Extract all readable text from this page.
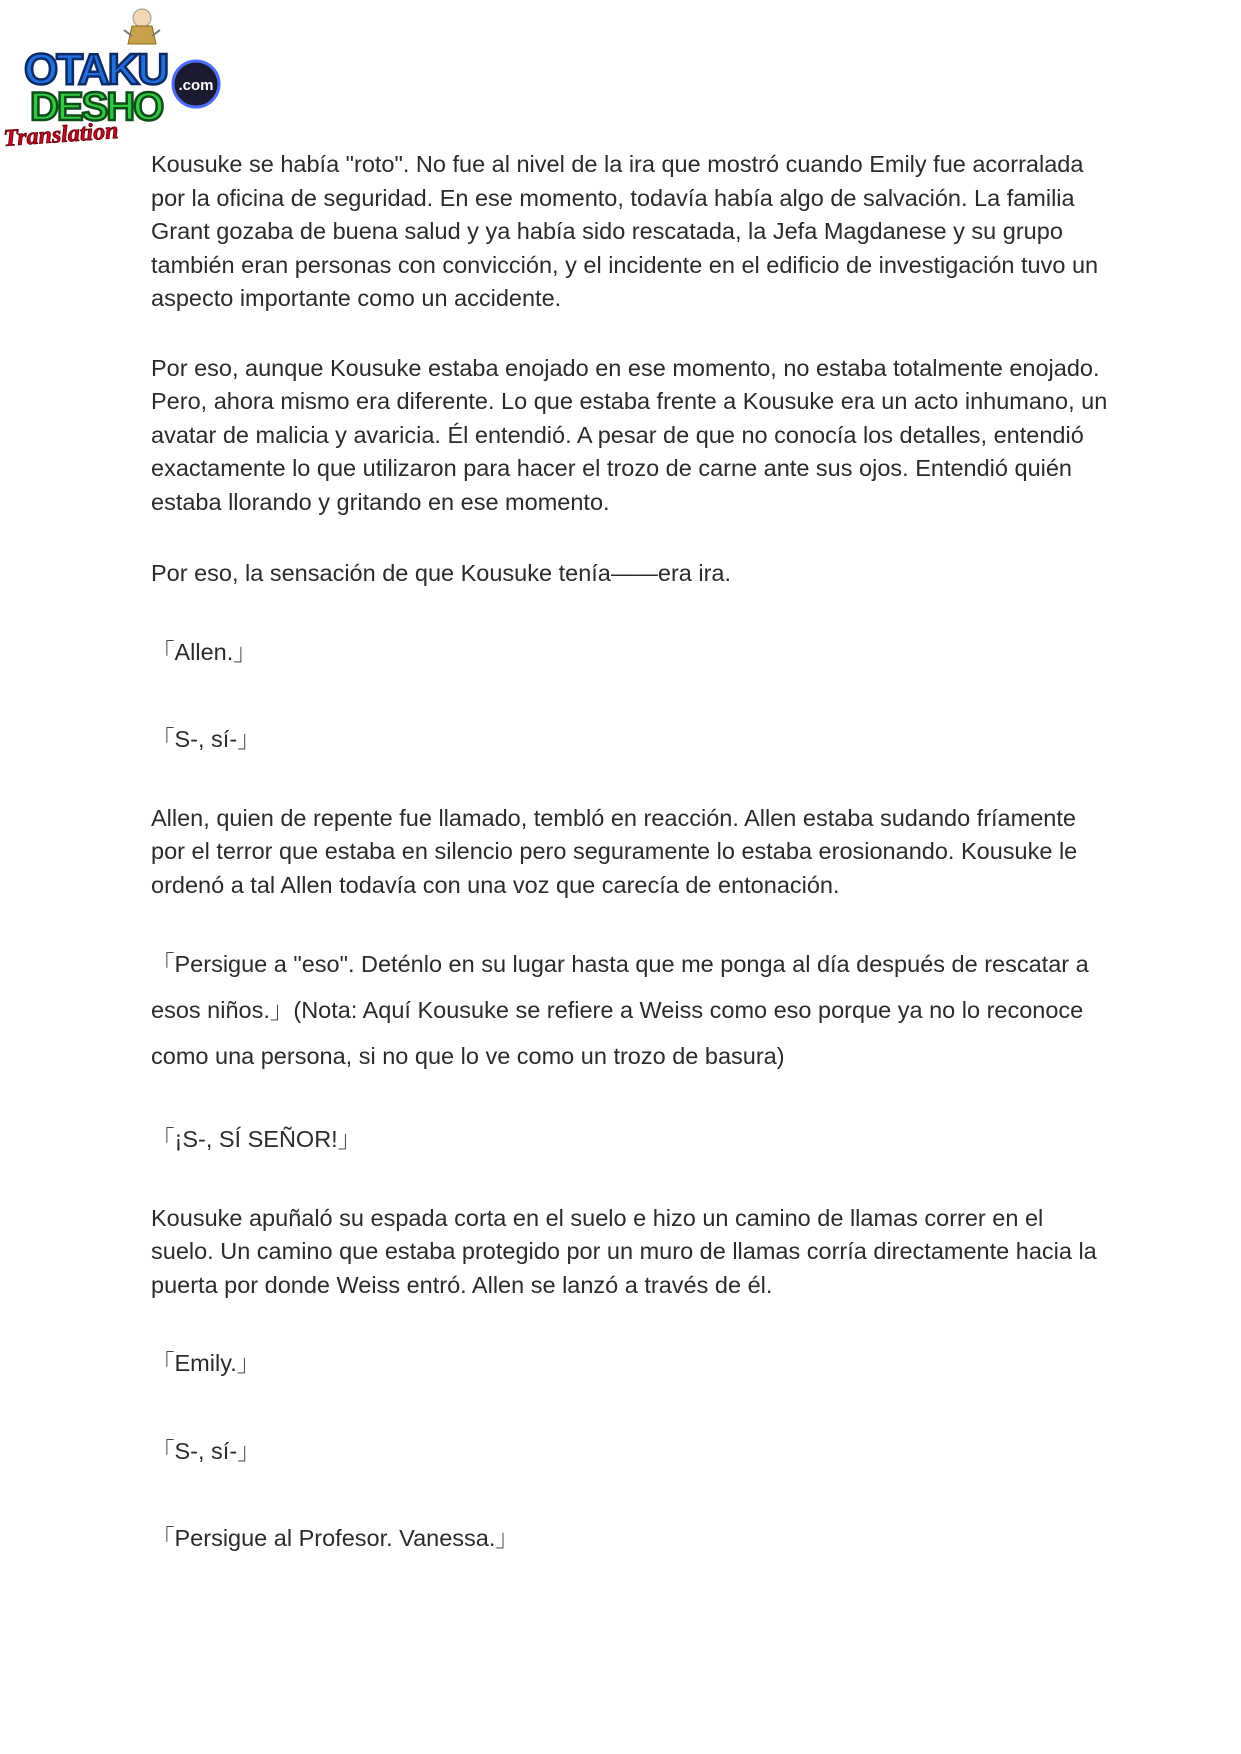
.com
OTAKU
DESHO
Translation

Kousuke se había "roto". No fue al nivel de la ira que mostró cuando Emily fue acorralada por la oficina de seguridad. En ese momento, todavía había algo de salvación. La familia Grant gozaba de buena salud y ya había sido rescatada, la Jefa Magdanese y su grupo también eran personas con convicción, y el incidente en el edificio de investigación tuvo un aspecto importante como un accidente.

Por eso, aunque Kousuke estaba enojado en ese momento, no estaba totalmente enojado. Pero, ahora mismo era diferente. Lo que estaba frente a Kousuke era un acto inhumano, un avatar de malicia y avaricia. Él entendió. A pesar de que no conocía los detalles, entendió exactamente lo que utilizaron para hacer el trozo de carne ante sus ojos. Entendió quién estaba llorando y gritando en ese momento.

Por eso, la sensación de que Kousuke tenía——era ira.

「Allen.」

「S-, sí-」

Allen, quien de repente fue llamado, tembló en reacción. Allen estaba sudando fríamente por el terror que estaba en silencio pero seguramente lo estaba erosionando. Kousuke le ordenó a tal Allen todavía con una voz que carecía de entonación.

「Persigue a "eso". Deténlo en su lugar hasta que me ponga al día después de rescatar a esos niños.」(Nota: Aquí Kousuke se refiere a Weiss como eso porque ya no lo reconoce como una persona, si no que lo ve como un trozo de basura)

「¡S-, SÍ SEÑOR!」

Kousuke apuñaló su espada corta en el suelo e hizo un camino de llamas correr en el suelo. Un camino que estaba protegido por un muro de llamas corría directamente hacia la puerta por donde Weiss entró. Allen se lanzó a través de él.

「Emily.」

「S-, sí-」

「Persigue al Profesor. Vanessa.」
